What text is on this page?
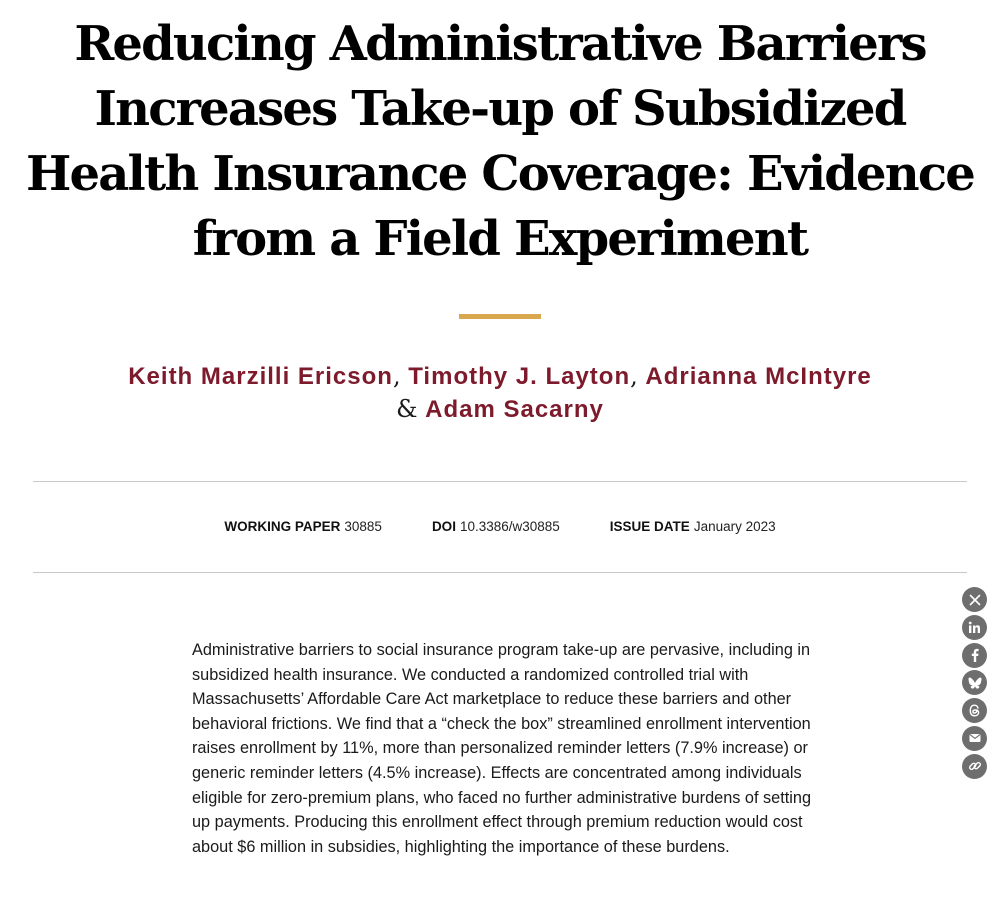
Reducing Administrative Barriers Increases Take-up of Subsidized Health Insurance Coverage: Evidence from a Field Experiment
Keith Marzilli Ericson, Timothy J. Layton, Adrianna McIntyre & Adam Sacarny
WORKING PAPER 30885	DOI 10.3386/w30885	ISSUE DATE January 2023

Administrative barriers to social insurance program take-up are pervasive, including in subsidized health insurance. We conducted a randomized controlled trial with Massachusetts’ Affordable Care Act marketplace to reduce these barriers and other behavioral frictions. We find that a “check the box” streamlined enrollment intervention raises enrollment by 11%, more than personalized reminder letters (7.9% increase) or generic reminder letters (4.5% increase). Effects are concentrated among individuals eligible for zero-premium plans, who faced no further administrative burdens of setting up payments. Producing this enrollment effect through premium reduction would cost about $6 million in subsidies, highlighting the importance of these burdens.
